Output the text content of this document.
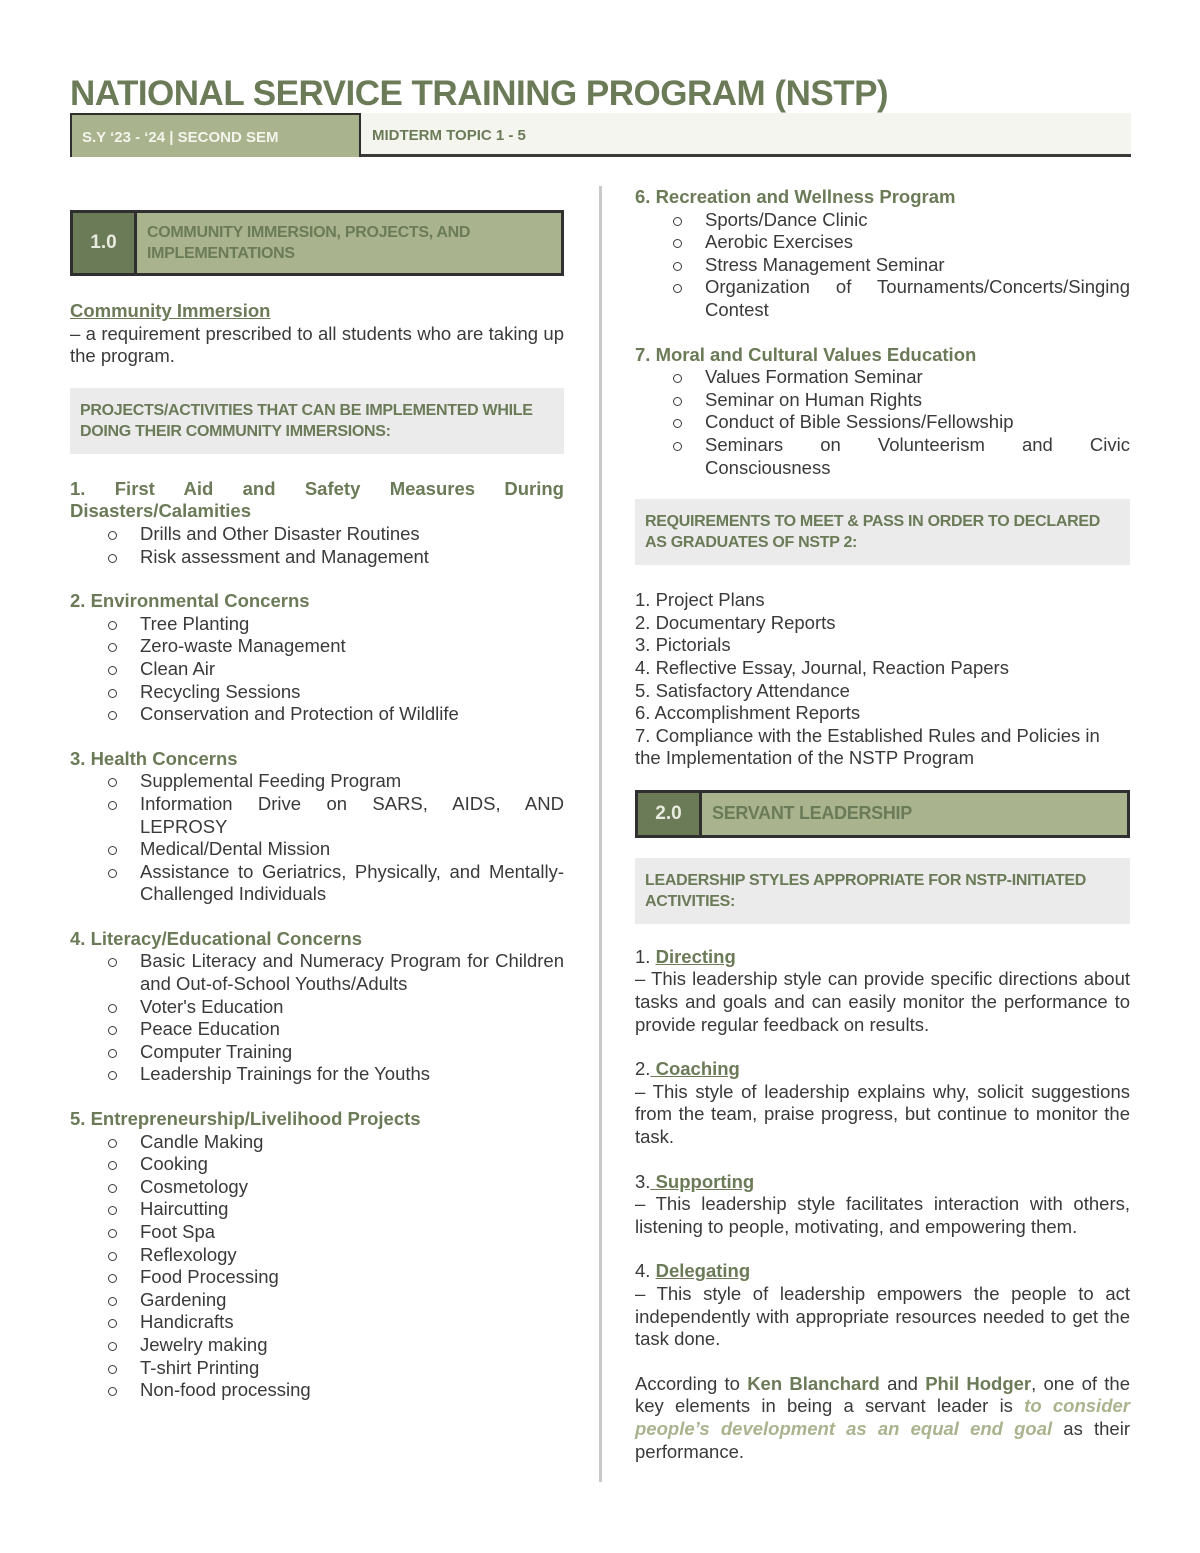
NATIONAL SERVICE TRAINING PROGRAM (NSTP)
S.Y ‘23 - ‘24 | SECOND SEM	MIDTERM TOPIC 1 - 5
1.0	COMMUNITY IMMERSION, PROJECTS, AND IMPLEMENTATIONS
Community Immersion

– a requirement prescribed to all students who are taking up the program.

PROJECTS/ACTIVITIES THAT CAN BE IMPLEMENTED WHILE DOING THEIR COMMUNITY IMMERSIONS:

1. First Aid and Safety Measures During Disasters/Calamities

Drills and Other Disaster Routines
Risk assessment and Management
2. Environmental Concerns
Tree Planting
Zero-waste Management
Clean Air
Recycling Sessions
Conservation and Protection of Wildlife
3. Health Concerns
Supplemental Feeding Program
Information Drive on SARS, AIDS, AND LEPROSY
Medical/Dental Mission
Assistance to Geriatrics, Physically, and Mentally-Challenged Individuals
4. Literacy/Educational Concerns
Basic Literacy and Numeracy Program for Children and Out-of-School Youths/Adults
Voter's Education
Peace Education
Computer Training
Leadership Trainings for the Youths
5. Entrepreneurship/Livelihood Projects
Candle Making
Cooking
Cosmetology
Haircutting
Foot Spa
Reflexology
Food Processing
Gardening
Handicrafts
Jewelry making
T-shirt Printing
Non-food processing
6. Recreation and Wellness Program
Sports/Dance Clinic
Aerobic Exercises
Stress Management Seminar
Organization of Tournaments/Concerts/Singing Contest
7. Moral and Cultural Values Education
Values Formation Seminar
Seminar on Human Rights
Conduct of Bible Sessions/Fellowship
Seminars on Volunteerism and Civic Consciousness
REQUIREMENTS TO MEET & PASS IN ORDER TO DECLARED AS GRADUATES OF NSTP 2:
1. Project Plans
2. Documentary Reports
3. Pictorials
4. Reflective Essay, Journal, Reaction Papers
5. Satisfactory Attendance
6. Accomplishment Reports
7. Compliance with the Established Rules and Policies in the Implementation of the NSTP Program
2.0	SERVANT LEADERSHIP
LEADERSHIP STYLES APPROPRIATE FOR NSTP-INITIATED ACTIVITIES:
1. Directing

– This leadership style can provide specific directions about tasks and goals and can easily monitor the performance to provide regular feedback on results.

2. Coaching

– This style of leadership explains why, solicit suggestions from the team, praise progress, but continue to monitor the task.

3. Supporting

– This leadership style facilitates interaction with others, listening to people, motivating, and empowering them.

4. Delegating

– This style of leadership empowers the people to act independently with appropriate resources needed to get the task done.

According to Ken Blanchard and Phil Hodger, one of the key elements in being a servant leader is to consider people’s development as an equal end goal as their performance.
